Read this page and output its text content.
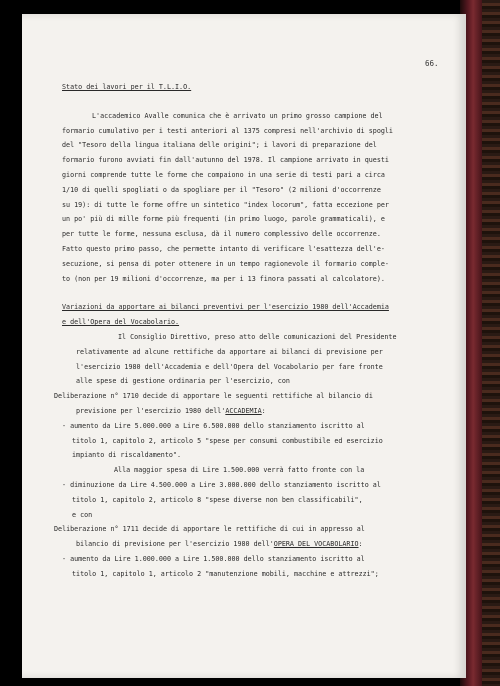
66.
Stato dei lavori per il T.L.I.O.
L'accademico Avalle comunica che è arrivato un primo grosso campione del
formario cumulativo per i testi anteriori al 1375 compresi nell'archivio di spogli
del "Tesoro della lingua italiana delle origini"; i lavori di preparazione del
formario furono avviati fin dall'autunno del 1978. Il campione arrivato in questi
giorni comprende tutte le forme che compaiono in una serie di testi pari a circa
1/10 di quelli spogliati o da spogliare per il "Tesoro" (2 milioni d'occorrenze
su 19): di tutte le forme offre un sintetico "index locorum", fatta eccezione per
un po' più di mille forme più frequenti (in primo luogo, parole grammaticali), e
per tutte le forme, nessuna esclusa, dà il numero complessivo delle occorrenze.
Fatto questo primo passo, che permette intanto di verificare l'esattezza dell'e-
secuzione, si pensa di poter ottenere in un tempo ragionevole il formario comple-
to (non per 19 milioni d'occorrenze, ma per i 13 finora passati al calcolatore).
Variazioni da apportare ai bilanci preventivi per l'esercizio 1980 dell'Accademia
e dell'Opera del Vocabolario.
Il Consiglio Direttivo, preso atto delle comunicazioni del Presidente
relativamente ad alcune rettifiche da apportare ai bilanci di previsione per
l'esercizio 1980 dell'Accademia e dell'Opera del Vocabolario per fare fronte
alle spese di gestione ordinaria per l'esercizio, con
Deliberazione n° 1710 decide di apportare le seguenti rettifiche al bilancio di
previsione per l'esercizio 1980 dell'ACCADEMIA:
- aumento da Lire 5.000.000 a Lire 6.500.000 dello stanziamento iscritto al
titolo 1, capitolo 2, articolo 5 "spese per consumi combustibile ed esercizio
impianto di riscaldamento".
Alla maggior spesa di Lire 1.500.000 verrà fatto fronte con la
- diminuzione da Lire 4.500.000 a Lire 3.000.000 dello stanziamento iscritto al
titolo 1, capitolo 2, articolo 8 "spese diverse non ben classificabili",
e con
Deliberazione n° 1711 decide di apportare le rettifiche di cui in appresso al
bilancio di previsione per l'esercizio 1980 dell'OPERA DEL VOCABOLARIO:
- aumento da Lire 1.000.000 a Lire 1.500.000 dello stanziamento iscritto al
titolo 1, capitolo 1, articolo 2 "manutenzione mobili, macchine e attrezzi";
